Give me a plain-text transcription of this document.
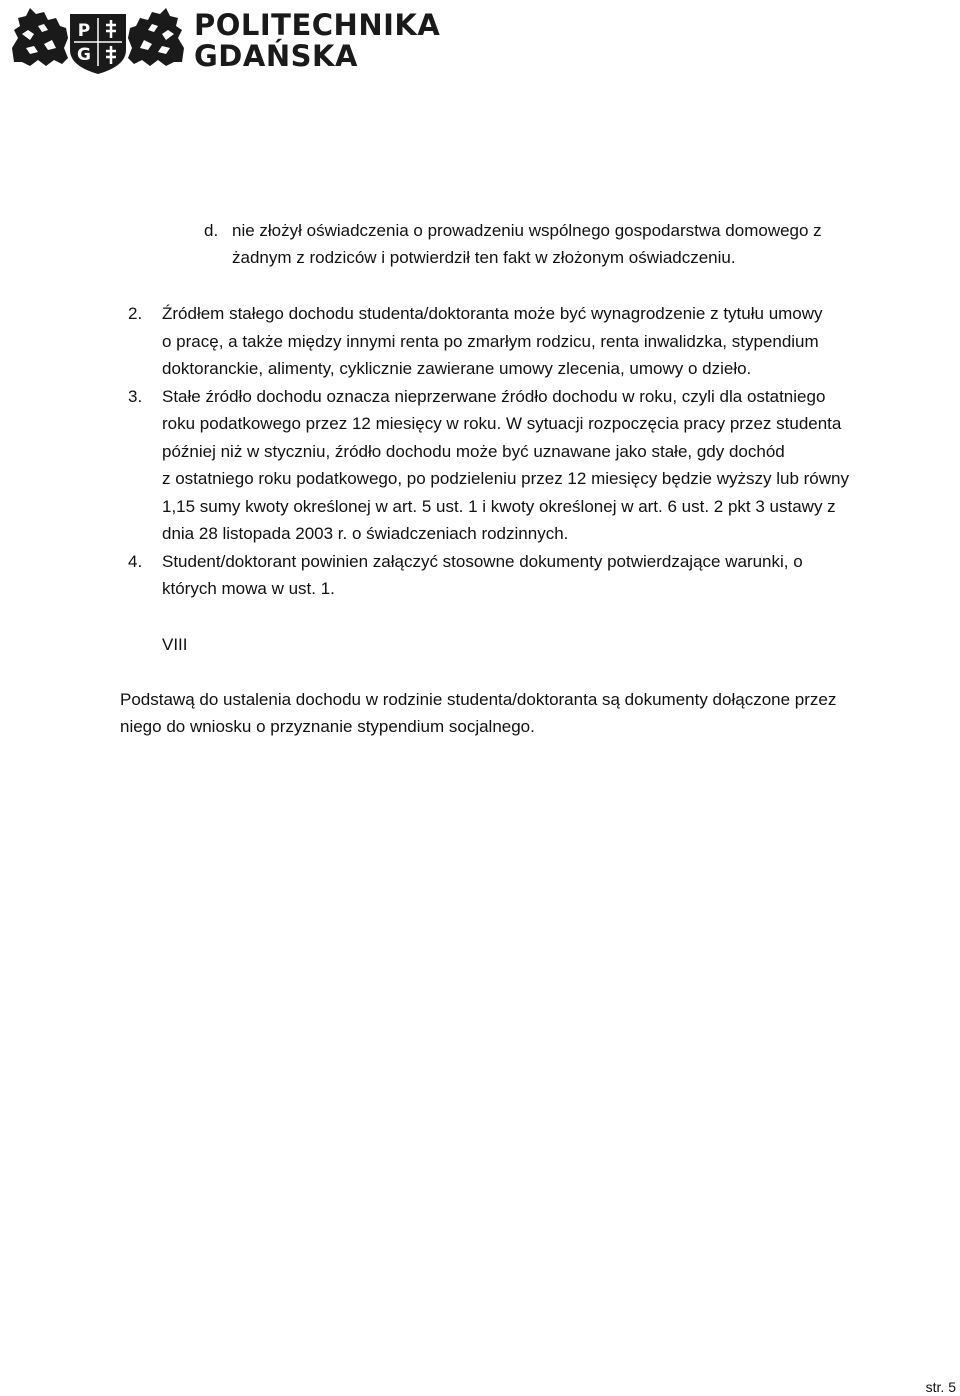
P
G
POLITECHNIKA
GDAŃSKA
d. nie złożył oświadczenia o prowadzeniu wspólnego gospodarstwa domowego z
żadnym z rodziców i potwierdził ten fakt w złożonym oświadczeniu.
2. Źródłem stałego dochodu studenta/doktoranta może być wynagrodzenie z tytułu umowy
o pracę, a także między innymi renta po zmarłym rodzicu, renta inwalidzka, stypendium
doktoranckie, alimenty, cyklicznie zawierane umowy zlecenia, umowy o dzieło.
3. Stałe źródło dochodu oznacza nieprzerwane źródło dochodu w roku, czyli dla ostatniego
roku podatkowego przez 12 miesięcy w roku. W sytuacji rozpoczęcia pracy przez studenta
później niż w styczniu, źródło dochodu może być uznawane jako stałe, gdy dochód
z ostatniego roku podatkowego, po podzieleniu przez 12 miesięcy będzie wyższy lub równy
1,15 sumy kwoty określonej w art. 5 ust. 1 i kwoty określonej w art. 6 ust. 2 pkt 3 ustawy z
dnia 28 listopada 2003 r. o świadczeniach rodzinnych.
4. Student/doktorant powinien załączyć stosowne dokumenty potwierdzające warunki, o
których mowa w ust. 1.
VIII
Podstawą do ustalenia dochodu w rodzinie studenta/doktoranta są dokumenty dołączone przez
niego do wniosku o przyznanie stypendium socjalnego.
str. 5
